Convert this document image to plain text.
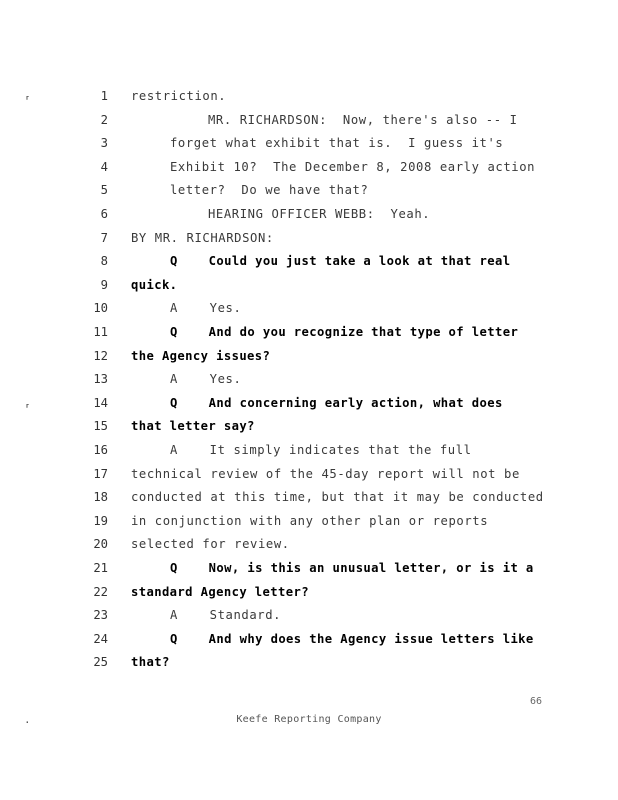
1 restriction.
2	MR. RICHARDSON:  Now, there's also -- I
3	forget what exhibit that is.  I guess it's
4	Exhibit 10?  The December 8, 2008 early action
5	letter?  Do we have that?
6	HEARING OFFICER WEBB:  Yeah.
7 BY MR. RICHARDSON:
8	Q    Could you just take a look at that real
9 quick.
10	A    Yes.
11	Q    And do you recognize that type of letter
12 the Agency issues?
13	A    Yes.
14	Q    And concerning early action, what does
15 that letter say?
16	A    It simply indicates that the full
17 technical review of the 45-day report will not be
18 conducted at this time, but that it may be conducted
19 in conjunction with any other plan or reports
20 selected for review.
21	Q    Now, is this an unusual letter, or is it a
22 standard Agency letter?
23	A    Standard.
24	Q    And why does the Agency issue letters like
25 that?
⸢
⸢
·
66
Keefe Reporting Company
